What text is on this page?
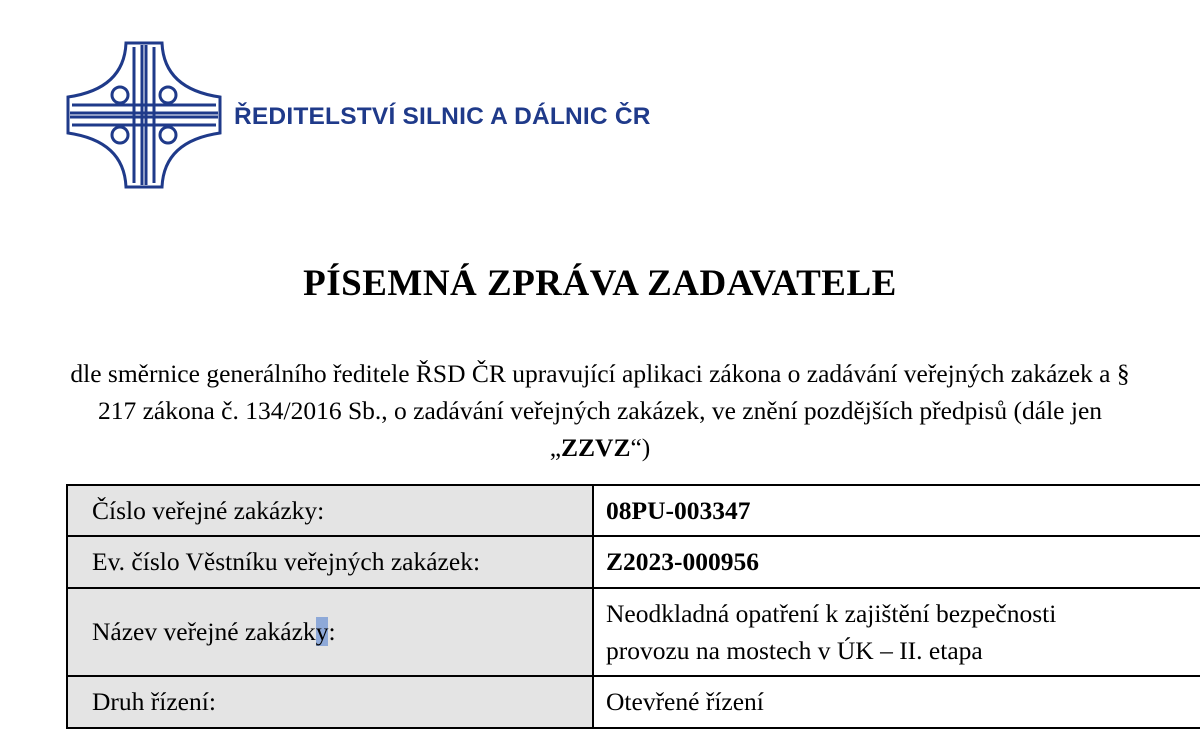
ŘEDITELSTVÍ SILNIC A DÁLNIC ČR
PÍSEMNÁ ZPRÁVA ZADAVATELE

dle směrnice generálního ředitele ŘSD ČR upravující aplikaci zákona o zadávání veřejných zakázek a § 217 zákona č. 134/2016 Sb., o zadávání veřejných zakázek, ve znění pozdějších předpisů (dále jen „ZZVZ“)

Číslo veřejné zakázky:	08PU-003347
Ev. číslo Věstníku veřejných zakázek:	Z2023-000956
Název veřejné zakázky:	Neodkladná opatření k zajištění bezpečnosti
provozu na mostech v ÚK – II. etapa
Druh řízení:	Otevřené řízení
